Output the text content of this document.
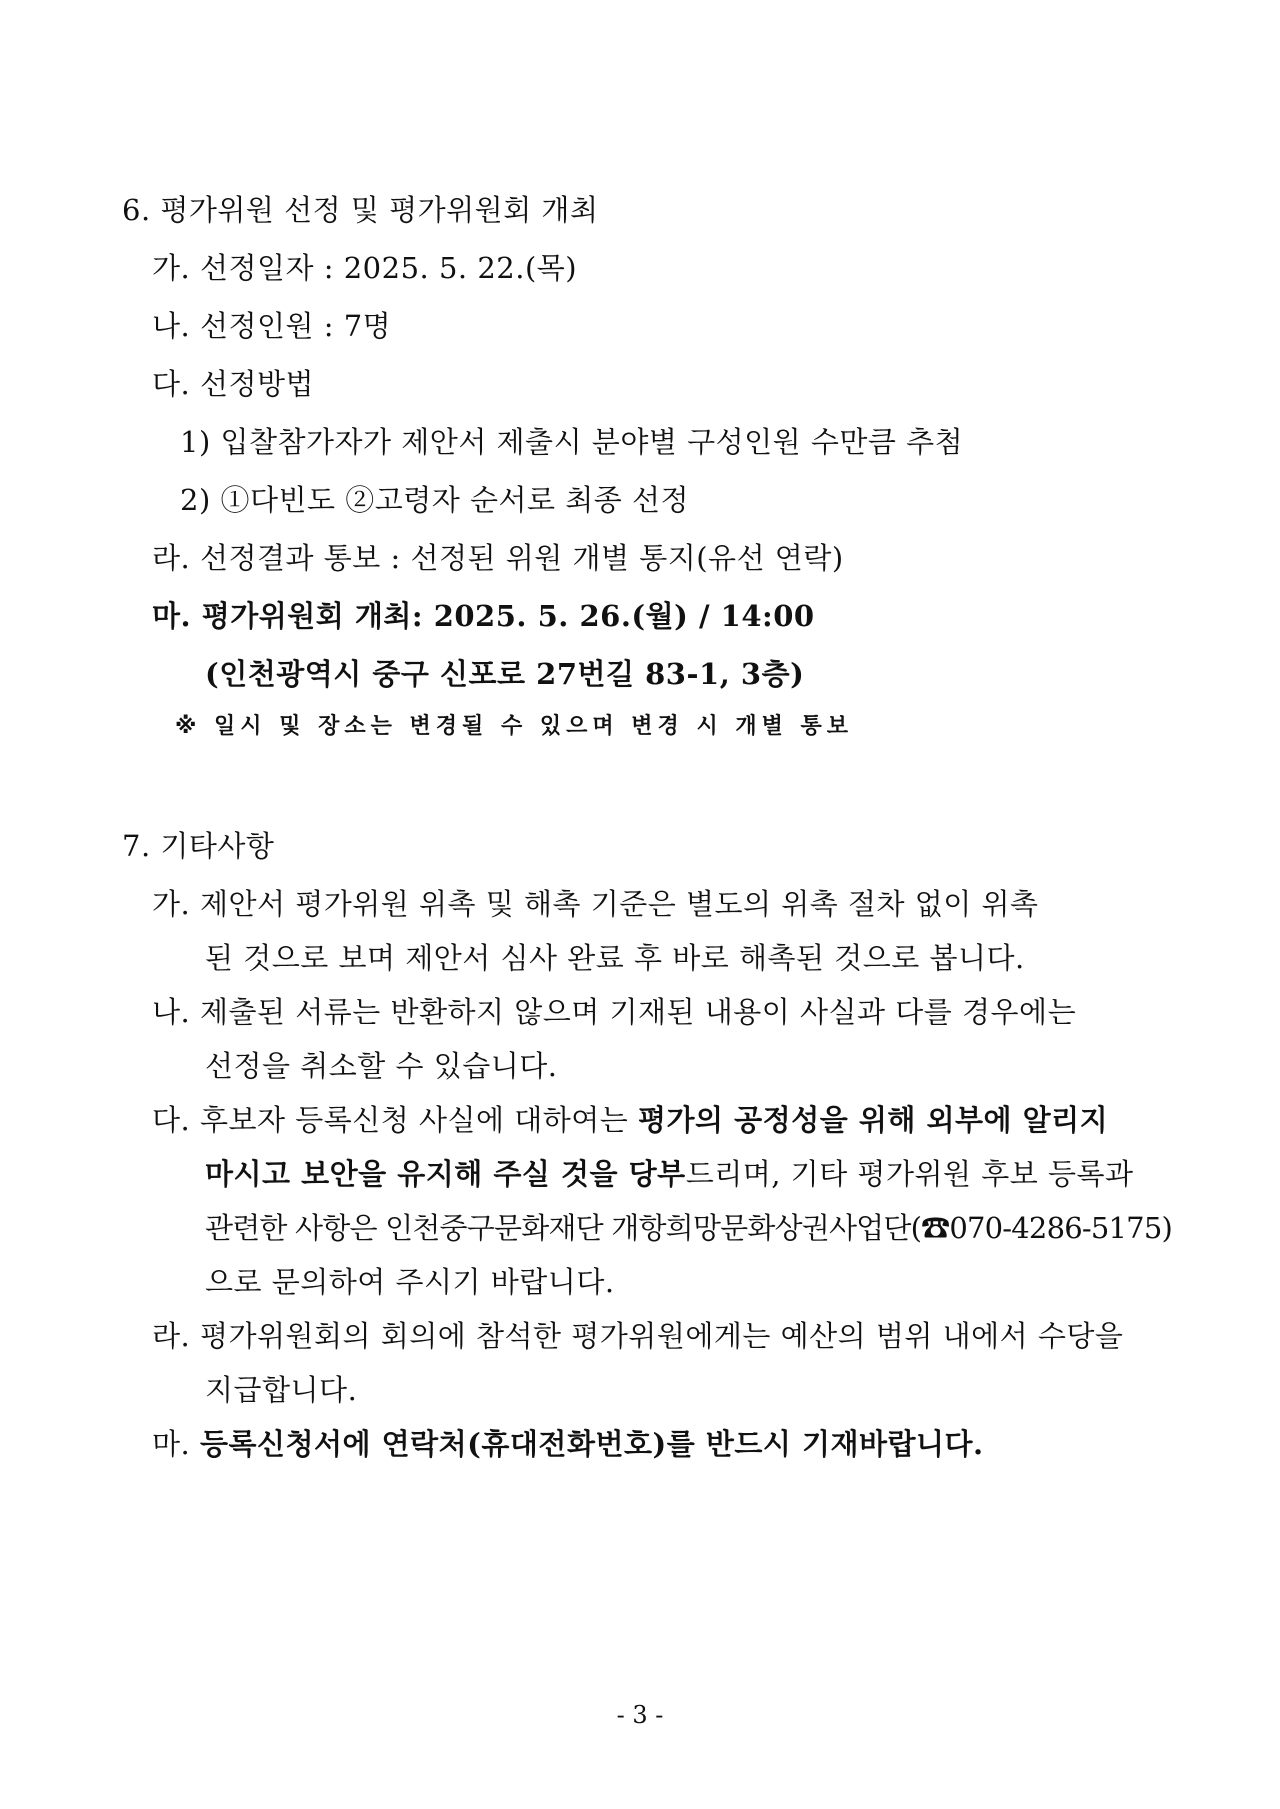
6. 평가위원 선정 및 평가위원회 개최
가. 선정일자 : 2025. 5. 22.(목)
나. 선정인원 : 7명
다. 선정방법
1) 입찰참가자가 제안서 제출시 분야별 구성인원 수만큼 추첨
2) ①다빈도 ②고령자 순서로 최종 선정
라. 선정결과 통보 : 선정된 위원 개별 통지(유선 연락)
마. 평가위원회 개최: 2025. 5. 26.(월) / 14:00
(인천광역시 중구 신포로 27번길 83-1, 3층)
※ 일시 및 장소는 변경될 수 있으며 변경 시 개별 통보
7. 기타사항
가. 제안서 평가위원 위촉 및 해촉 기준은 별도의 위촉 절차 없이 위촉
된 것으로 보며 제안서 심사 완료 후 바로 해촉된 것으로 봅니다.
나. 제출된 서류는 반환하지 않으며 기재된 내용이 사실과 다를 경우에는
선정을 취소할 수 있습니다.
다. 후보자 등록신청 사실에 대하여는 평가의 공정성을 위해 외부에 알리지
마시고 보안을 유지해 주실 것을 당부드리며, 기타 평가위원 후보 등록과
관련한 사항은 인천중구문화재단 개항희망문화상권사업단(☎070-4286-5175)
으로 문의하여 주시기 바랍니다.
라. 평가위원회의 회의에 참석한 평가위원에게는 예산의 범위 내에서 수당을
지급합니다.
마. 등록신청서에 연락처(휴대전화번호)를 반드시 기재바랍니다.
- 3 -
